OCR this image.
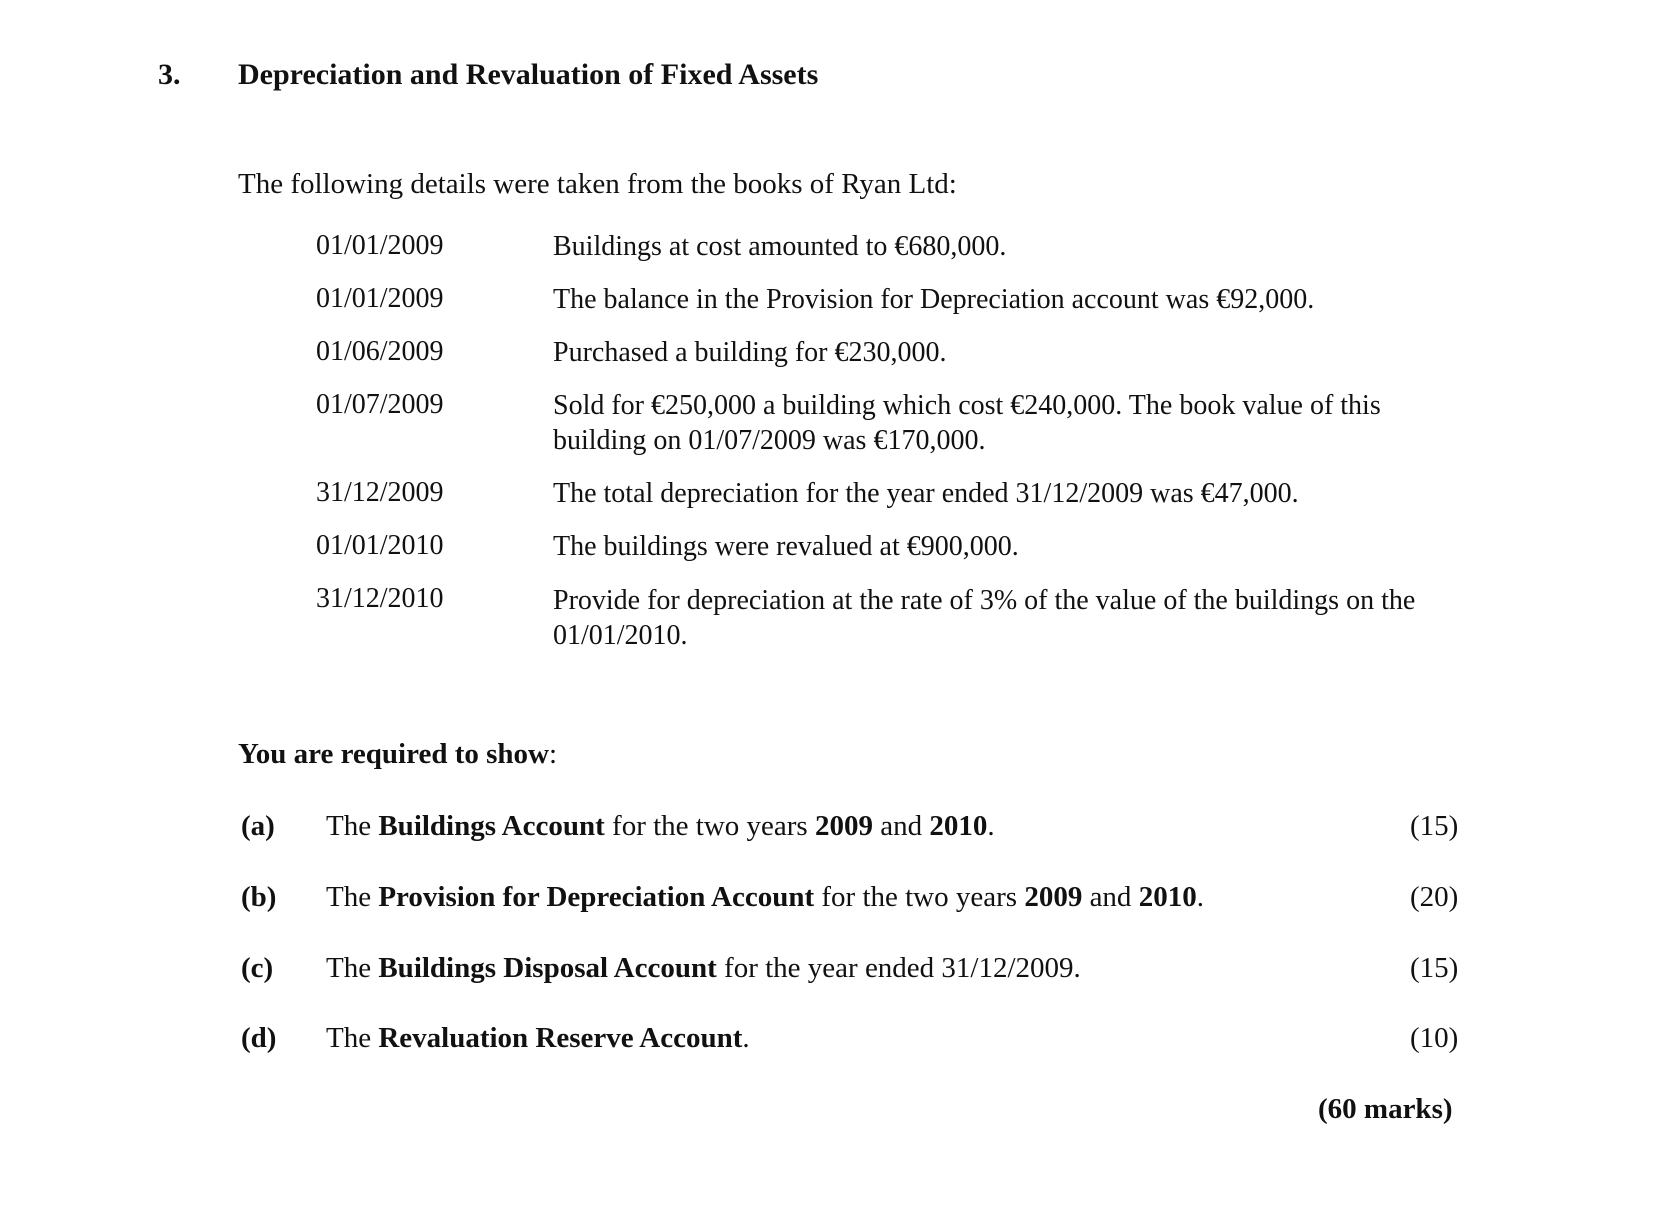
3. Depreciation and Revaluation of Fixed Assets
The following details were taken from the books of Ryan Ltd:
01/01/2009	Buildings at cost amounted to €680,000.
01/01/2009	The balance in the Provision for Depreciation account was €92,000.
01/06/2009	Purchased a building for €230,000.
01/07/2009	Sold for €250,000 a building which cost €240,000. The book value of this
building on 01/07/2009 was €170,000.
31/12/2009	The total depreciation for the year ended 31/12/2009 was €47,000.
01/01/2010	The buildings were revalued at €900,000.
31/12/2010	Provide for depreciation at the rate of 3% of the value of the buildings on the
01/01/2010.
You are required to show:
(a) The Buildings Account for the two years 2009 and 2010.	(15)
(b) The Provision for Depreciation Account for the two years 2009 and 2010.	(20)
(c) The Buildings Disposal Account for the year ended 31/12/2009.	(15)
(d) The Revaluation Reserve Account.	(10)
(60 marks)
